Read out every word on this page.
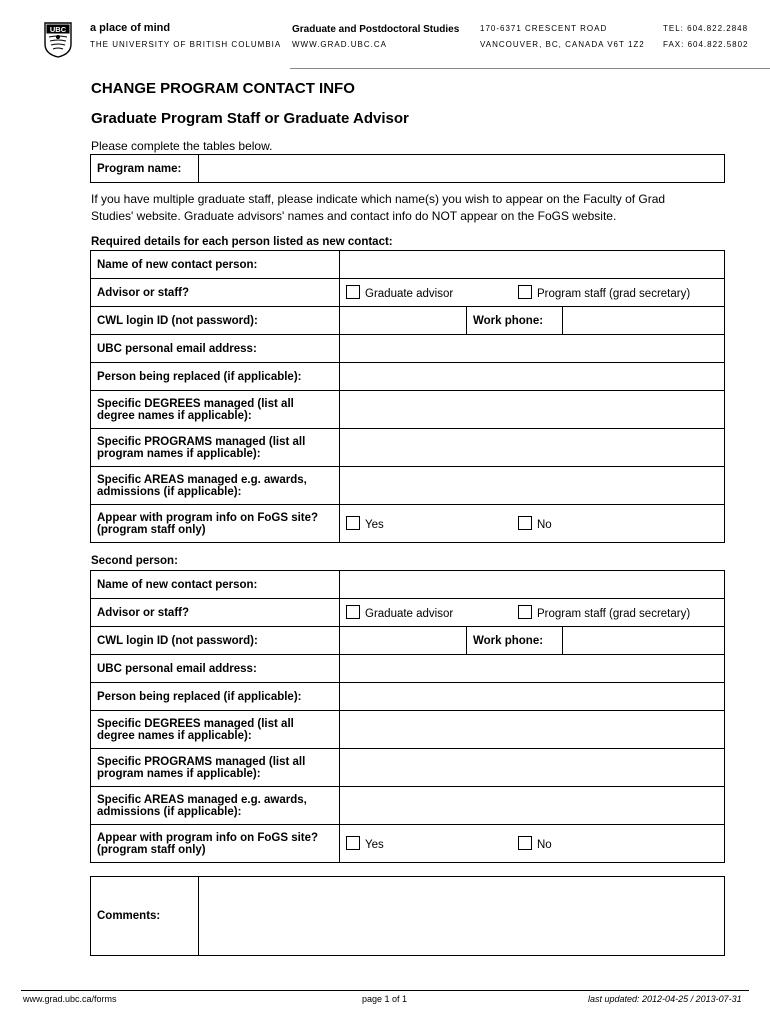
UBC a place of mind
THE UNIVERSITY OF BRITISH COLUMBIA
Graduate and Postdoctoral Studies
WWW.GRAD.UBC.CA
170-6371 CRESCENT ROAD
VANCOUVER, BC, CANADA V6T 1Z2
TEL: 604.822.2848
FAX: 604.822.5802
CHANGE PROGRAM CONTACT INFO
Graduate Program Staff or Graduate Advisor
Please complete the tables below.
Program name:	
If you have multiple graduate staff, please indicate which name(s) you wish to appear on the Faculty of Grad
Studies' website. Graduate advisors' names and contact info do NOT appear on the FoGS website.
Required details for each person listed as new contact:
Name of new contact person:		
Advisor or staff?	Graduate advisor Program staff (grad secretary)	

CWL login ID (not password):		Work phone:

UBC personal email address:		
Person being replaced (if applicable):		
Specific DEGREES managed (list all
degree names if applicable):		
Specific PROGRAMS managed (list all
program names if applicable):		
Specific AREAS managed e.g. awards,
admissions (if applicable):		
Appear with program info on FoGS site?
(program staff only)	Yes No	
Second person:
Name of new contact person:		
Advisor or staff?	Graduate advisor Program staff (grad secretary)	

CWL login ID (not password):		Work phone:

UBC personal email address:		
Person being replaced (if applicable):		
Specific DEGREES managed (list all
degree names if applicable):		
Specific PROGRAMS managed (list all
program names if applicable):		
Specific AREAS managed e.g. awards,
admissions (if applicable):		
Appear with program info on FoGS site?
(program staff only)	Yes No	
Comments:	
www.grad.ubc.ca/forms	page 1 of 1	last updated: 2012-04-25 / 2013-07-31
